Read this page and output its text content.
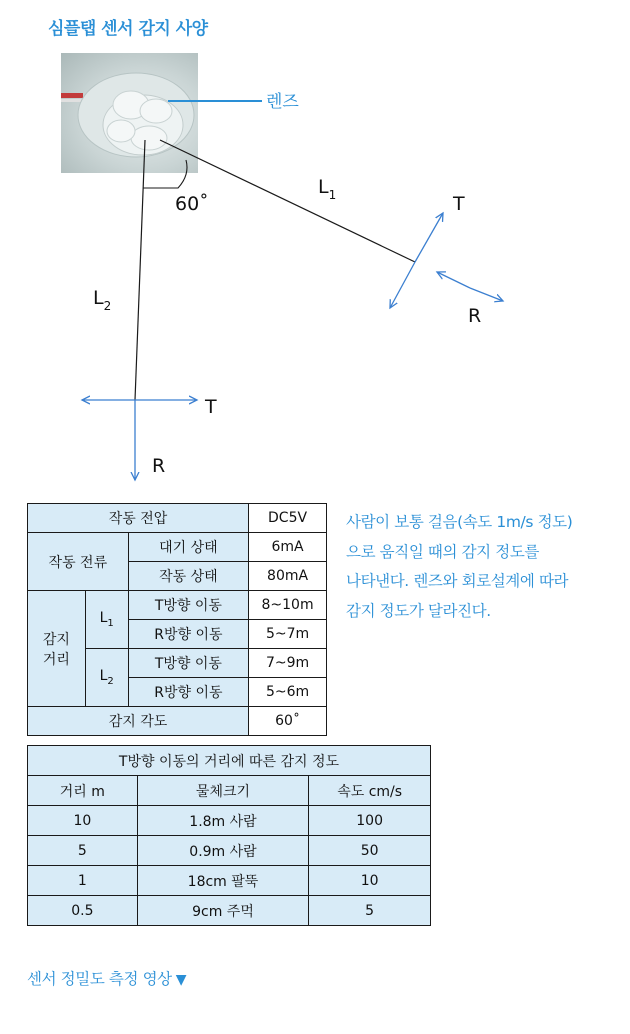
심플탭 센서 감지 사양
렌즈
60˚
$L_1$
$L_2$
T
R
T
R
작동 전압			DC5V
작동 전류		대기 상태	6mA
		작동 상태	80mA

감지
거리	$L_1$	T방향 이동	8~10m
		R방향 이동	5~7m
	$L_2$	T방향 이동	7~9m
		R방향 이동	5~6m
감지 각도			60˚

사람이 보통 걸음(속도 1m/s 정도)

으로 움직일 때의 감지 정도를

나타낸다. 렌즈와 회로설계에 따라

감지 정도가 달라진다.

T방향 이동의 거리에 따른 감지 정도		
거리 m	물체크기	속도 cm/s
10	1.8m 사람	100
5	0.9m 사람	50
1	18cm 팔뚝	10
0.5	9cm 주먹	5
센서 정밀도 측정 영상 ▼
